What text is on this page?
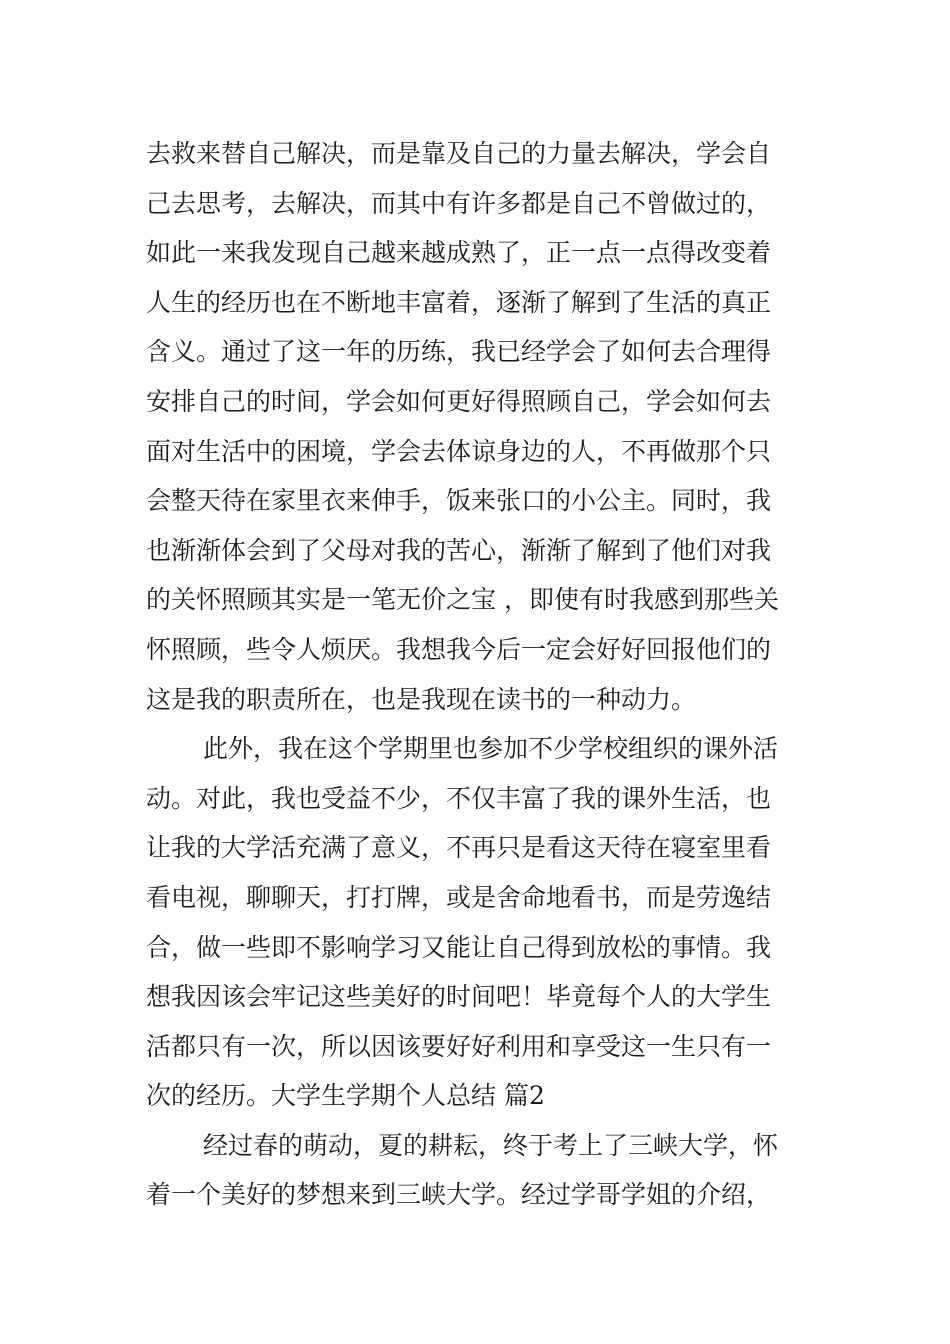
去救来替自己解决，而是靠及自己的力量去解决，学会自
己去思考，去解决，而其中有许多都是自己不曾做过的，
如此一来我发现自己越来越成熟了，正一点一点得改变着
人生的经历也在不断地丰富着，逐渐了解到了生活的真正
含义。通过了这一年的历练，我已经学会了如何去合理得
安排自己的时间，学会如何更好得照顾自己，学会如何去
面对生活中的困境，学会去体谅身边的人，不再做那个只
会整天待在家里衣来伸手，饭来张口的小公主。同时，我
也渐渐体会到了父母对我的苦心，渐渐了解到了他们对我
的关怀照顾其实是一笔无价之宝 ，即使有时我感到那些关
怀照顾，些令人烦厌。我想我今后一定会好好回报他们的
这是我的职责所在，也是我现在读书的一种动力。
此外，我在这个学期里也参加不少学校组织的课外活
动。对此，我也受益不少，不仅丰富了我的课外生活，也
让我的大学活充满了意义，不再只是看这天待在寝室里看
看电视，聊聊天，打打牌，或是舍命地看书，而是劳逸结
合，做一些即不影响学习又能让自己得到放松的事情。我
想我因该会牢记这些美好的时间吧！毕竟每个人的大学生
活都只有一次，所以因该要好好利用和享受这一生只有一
次的经历。大学生学期个人总结 篇2
经过春的萌动，夏的耕耘，终于考上了三峡大学，怀
着一个美好的梦想来到三峡大学。经过学哥学姐的介绍，
